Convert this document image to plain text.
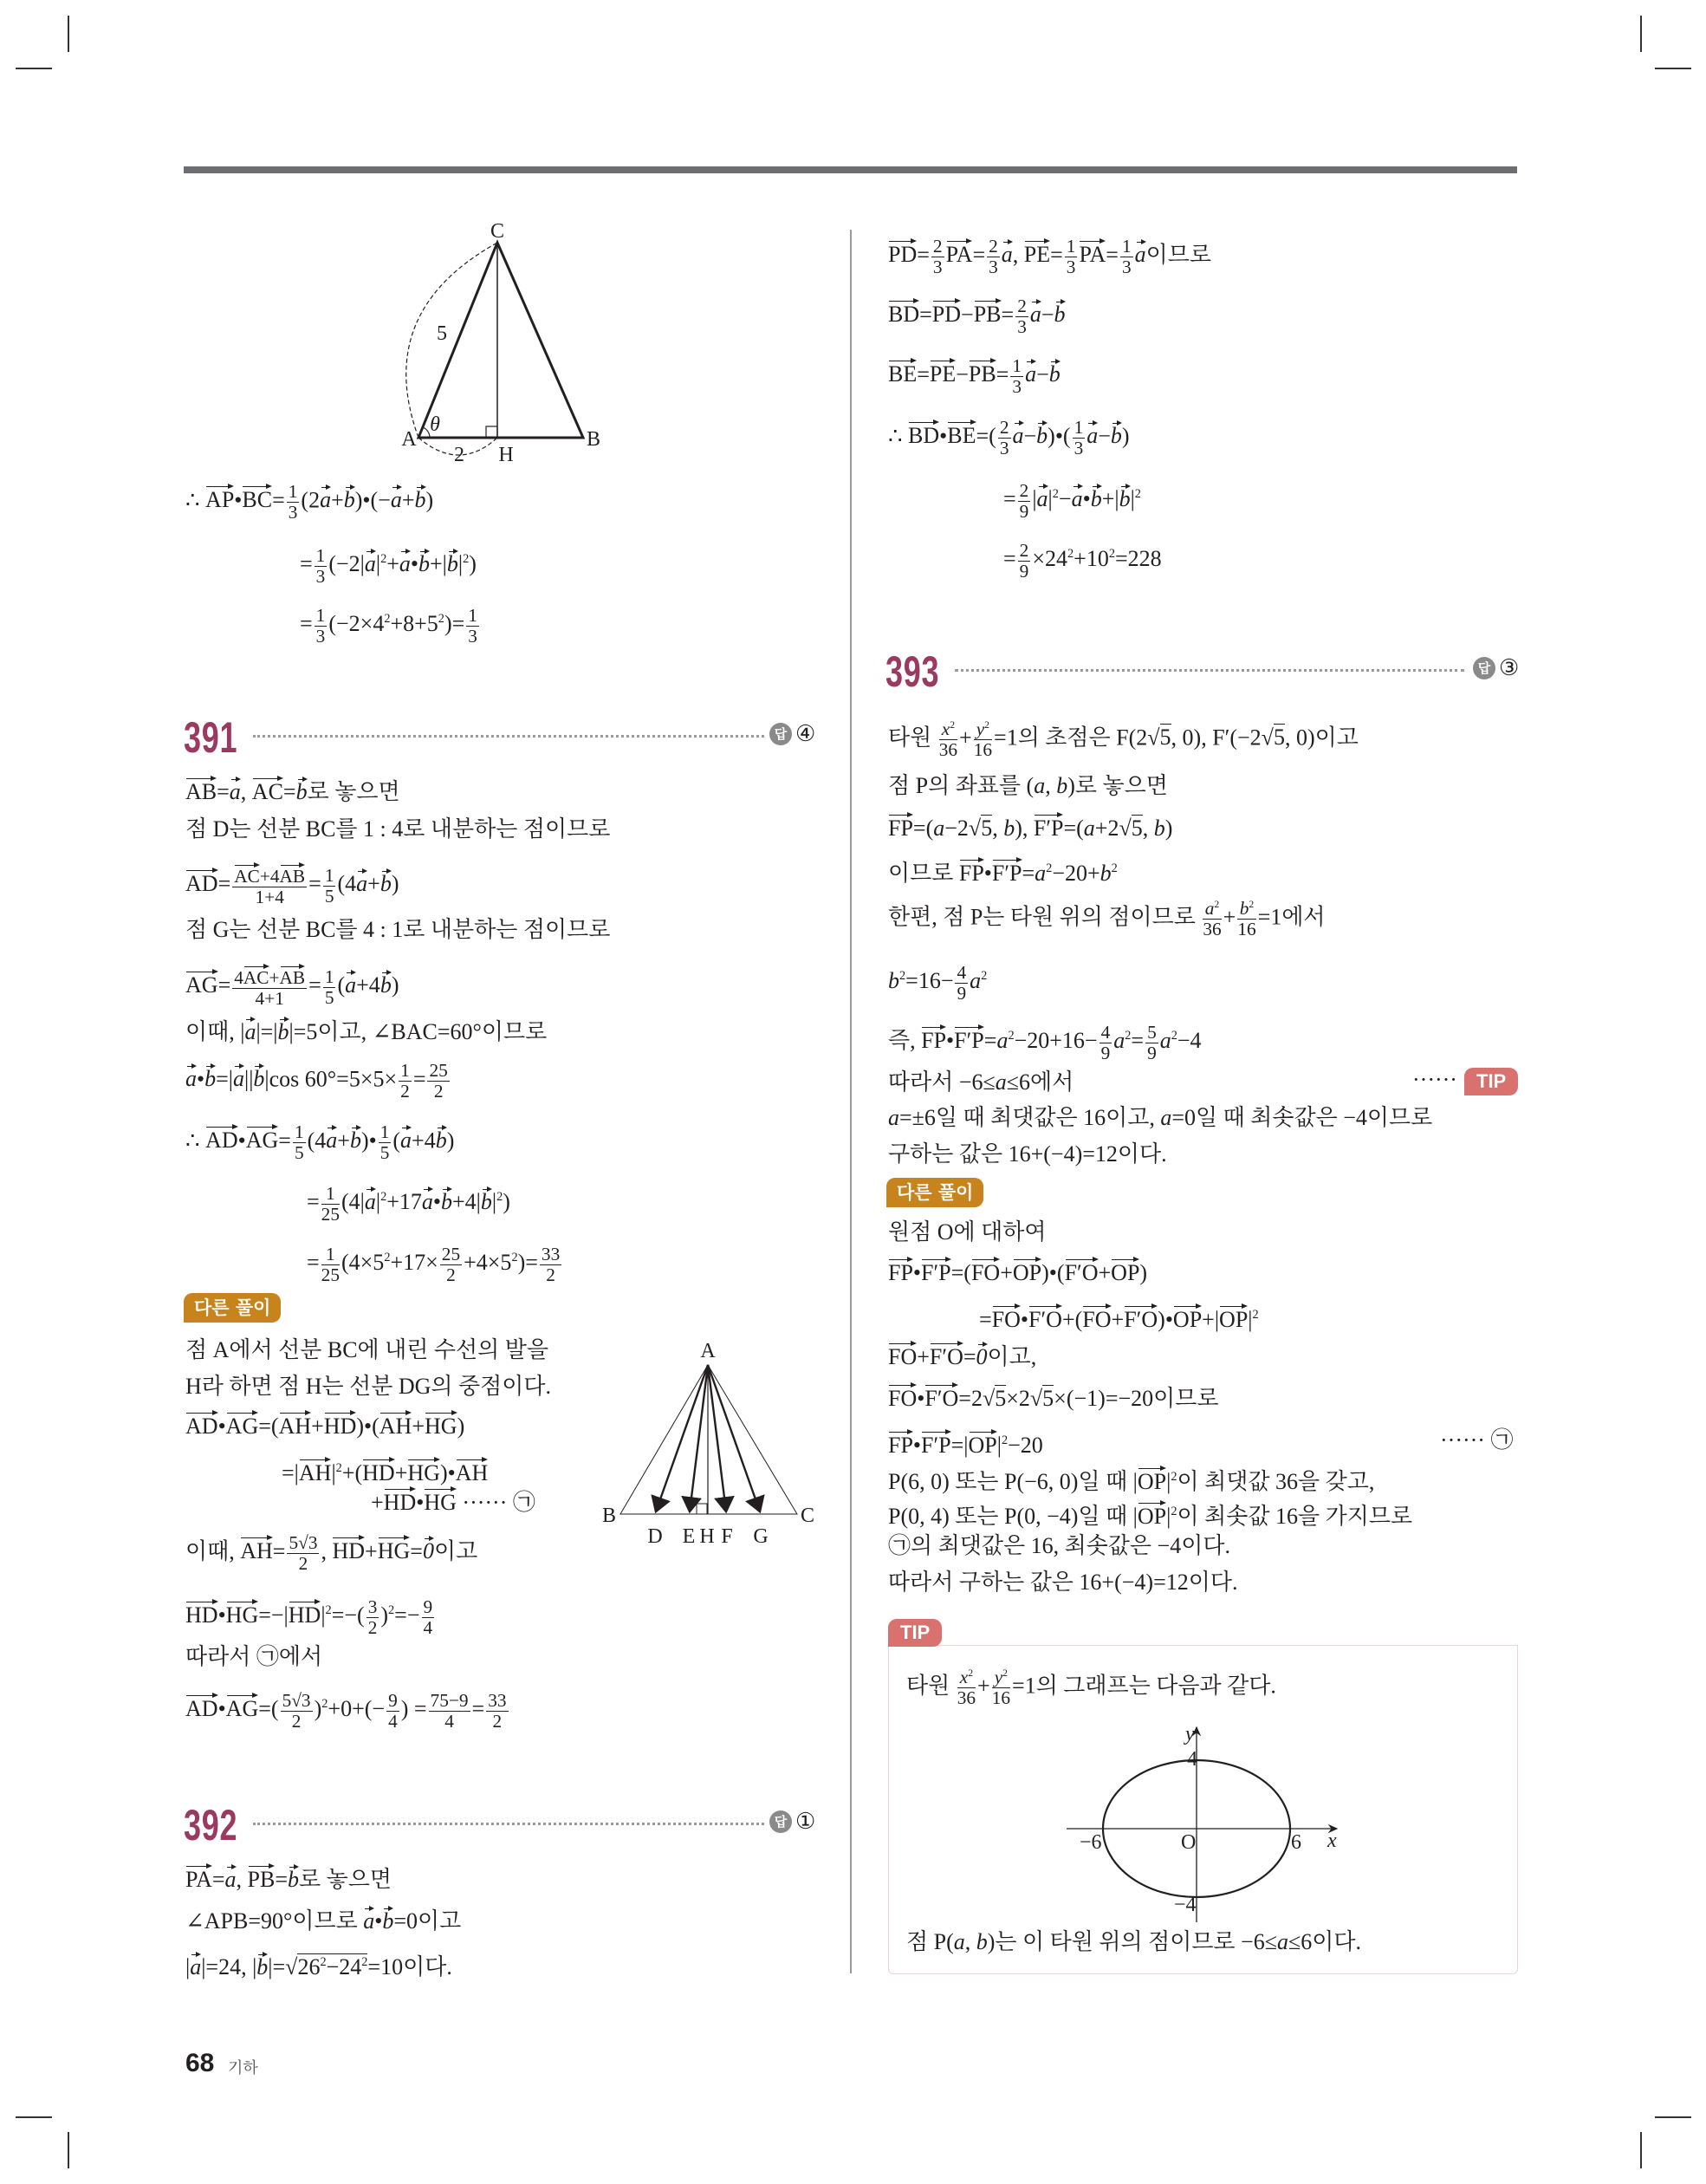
∴ AP•BC= $\frac{1}{3}$ (2a+b)•(−a+b)
= $\frac{1}{3}$ $(-2|a|^2+a•b+|b|^2)$
= $\frac{1}{3} (-2\times 4^2+8+5^2)= \frac{1}{3}$
391	답 ④
AB=a, AC=b로 놓으면
점 D는 선분 BC를 1 : 4로 내분하는 점이므로
$AD= \frac{AC+4AB}{1+4} = \frac{1}{5} (4a+b)$
점 G는 선분 BC를 4 : 1로 내분하는 점이므로
$AG= \frac{4AC+AB}{4+1} = \frac{1}{5} (a+4b)$
이때, |a|=|b|=5이고, ∠BAC=60°이므로
a•b=|a||b|cos $60^\circ=5\times 5\times \frac{1}{2} = \frac{25}{2}$
∴ AD•AG= $\frac{1}{5}$ (4a+b)• $\frac{1}{5} (a+4b)$
= $\frac{1}{25}$ $(4|a|^2+17a•b+4|b|^2)$
= $\frac{1}{25} (4\times 5^2+17\times \frac{25}{2} +4\times 5^2)= \frac{33}{2}$
다른 풀이
점 A에서 선분 BC에 내린 수선의 발을
H라 하면 점 H는 선분 DG의 중점이다.
AD•AG=(AH+HD)•(AH+HG)
$=|AH|^2+(HD+HG)•AH$
+HD•HG ······ ㉠
이때, $AH= \frac{5√3}{2}$ , HD+HG=0이고
$HD•HG=-|HD|^2=-( \frac{3}{2} )^2=- \frac{9}{4}$
따라서 ㉠에서
AD•AG=( $\frac{5√3}{2} )^2+0+(- \frac{9}{4}$ ) = $\frac{75-9}{4} = \frac{33}{2}$
392	답 ①
PA=a, PB=b로 놓으면
∠APB=90°이므로 a•b=0이고
|a|=24, $|b|=√26^2-24^2=10$이다.
$PD= \frac{2}{3} PA= \frac{2}{3} a$, $PE= \frac{1}{3} PA= \frac{1}{3}$ a이므로
$BD=PD-PB= \frac{2}{3} a-b$
$BE=PE-PB= \frac{1}{3} a-b$
∴ BD•BE=( $\frac{2}{3}$ a−b)•( $\frac{1}{3} a-b$)
= $\frac{2}{9}$ $|a|^2-a•b+|b|^2$
= $\frac{2}{9} \times 24^2+10^2=228$
393	답 ③
타원 $\frac{x^2}{36} + \frac{y^2}{16} =1$의 초점은 F(2√5, 0), F′(−2√5, 0)이고
점 P의 좌표를 (a, b)로 놓으면
FP=(a−2√5, b), F′P=(a+2√5, b)
이므로 $FP•F'P=a^2-20+b^2$
한편, 점 P는 타원 위의 점이므로 $\frac{a^2}{36} + \frac{b^2}{16} =1$에서
$b^2=16- \frac{4}{9} a^2$
즉, $FP•F'P=a^2-20+16- \frac{4}{9} a^2= \frac{5}{9} a^2-4$
따라서 −6≤a≤6에서	······	TIP
a=±6일 때 최댓값은 16이고, a=0일 때 최솟값은 −4이므로
구하는 값은 16+(−4)=12이다.
다른 풀이
원점 O에 대하여
FP•F′P=(FO+OP)•(F′O+OP)
$=FO•F'O+(FO+F'O)•OP+|OP|^2$
FO+F′O=0이고,
FO•F′O=2√5×2√5×(−1)=−20이므로
$FP•F'P=|OP|^2-20$	······ ㉠
P(6, 0) 또는 P(−6, 0)일 때 $|OP|^2$이 최댓값 36을 갖고,
P(0, 4) 또는 P(0, −4)일 때 $|OP|^2$이 최솟값 16을 가지므로
㉠의 최댓값은 16, 최솟값은 −4이다.
따라서 구하는 값은 16+(−4)=12이다.
TIP
타원 $\frac{x^2}{36} + \frac{y^2}{16} =1$의 그래프는 다음과 같다.
점 P(a, b)는 이 타원 위의 점이므로 −6≤a≤6이다.
C
A	B
H
θ
5
2
A
B	C
D E H F G
y
4
−6	O	6 x
−4
68 기하
